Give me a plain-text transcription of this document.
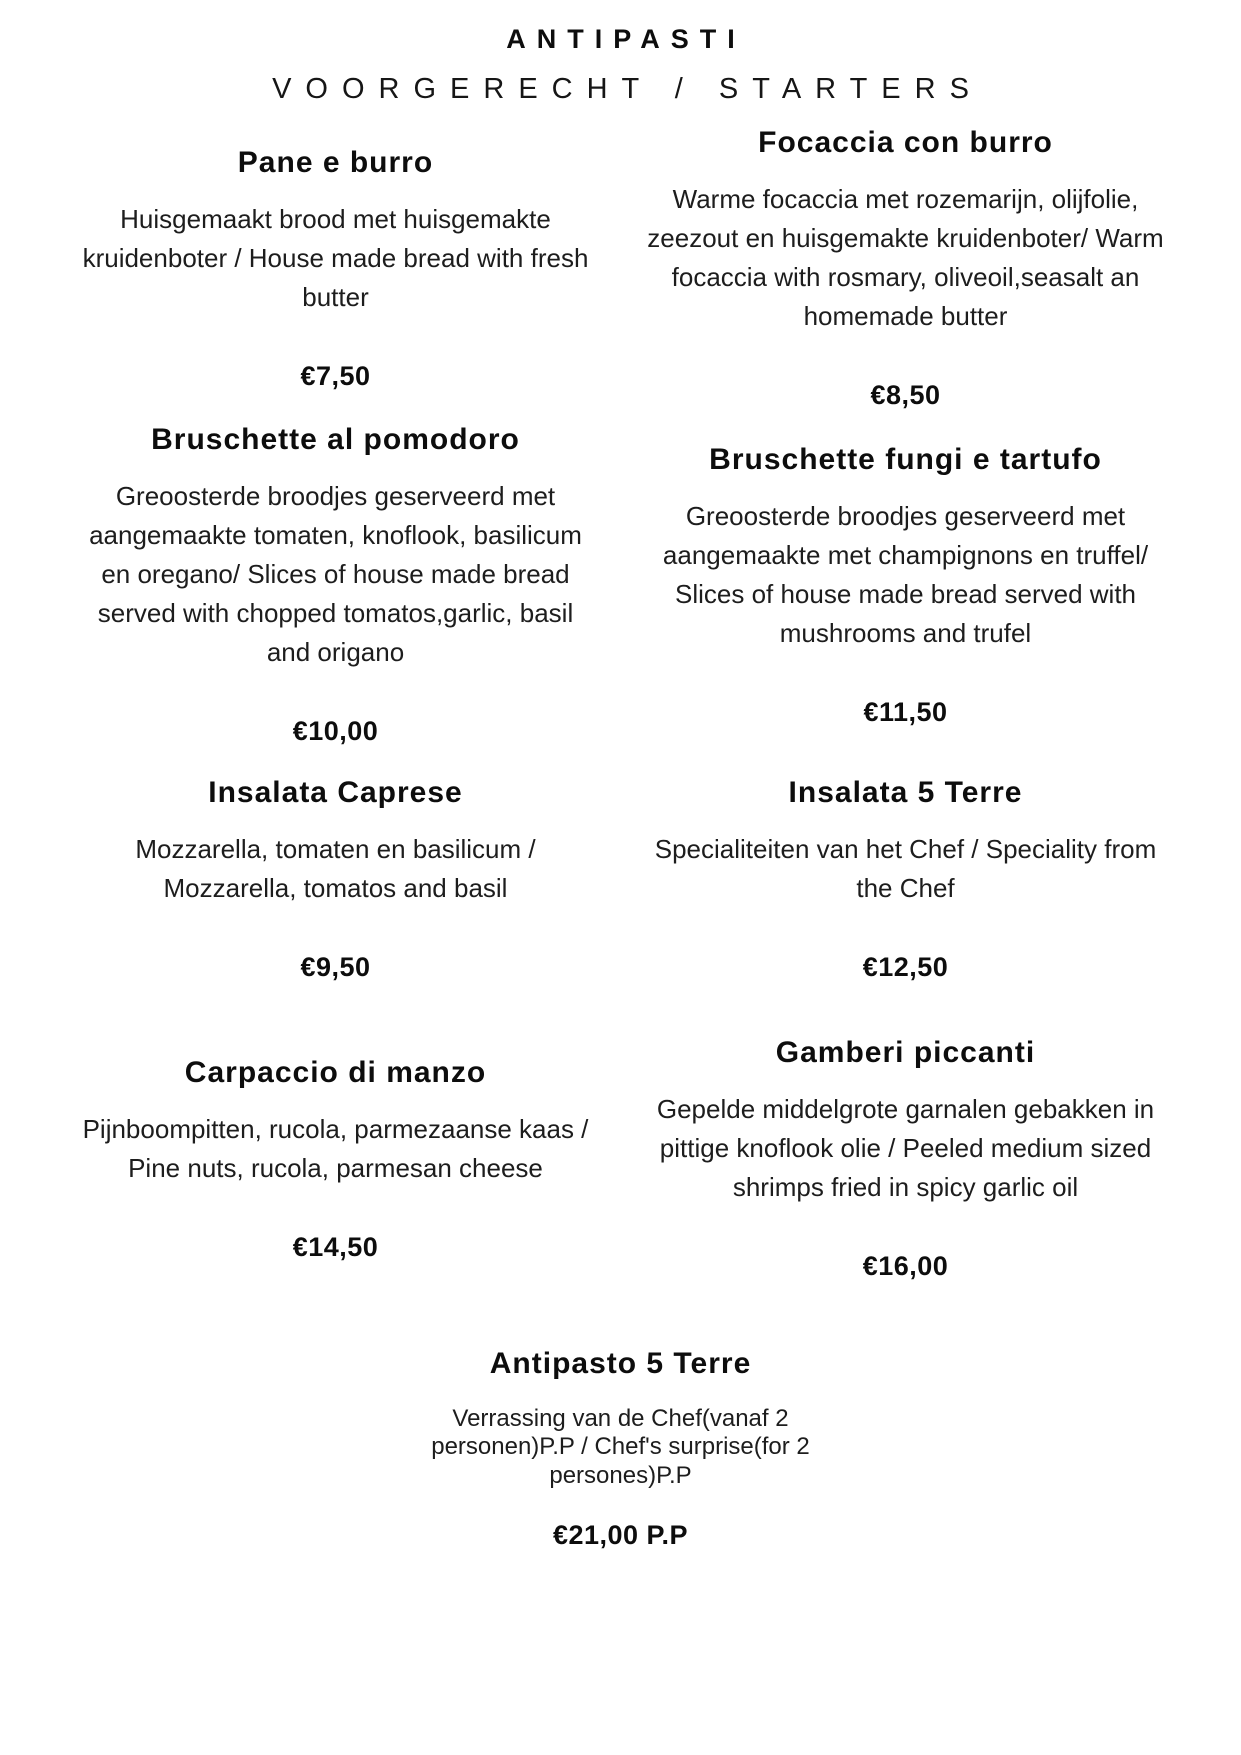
ANTIPASTI
VOORGERECHT / STARTERS
Pane e burro

Huisgemaakt brood met huisgemakte kruidenboter / House made bread with fresh butter

€7,50
Focaccia con burro

Warme focaccia met rozemarijn, olijfolie, zeezout en huisgemakte kruidenboter/ Warm focaccia with rosmary, oliveoil,seasalt an homemade butter

€8,50
Bruschette al pomodoro

Greoosterde broodjes geserveerd met aangemaakte tomaten, knoflook, basilicum en oregano/ Slices of house made bread served with chopped tomatos,garlic, basil and origano

€10,00
Bruschette fungi e tartufo

Greoosterde broodjes geserveerd met aangemaakte met champignons en truffel/ Slices of house made bread served with mushrooms and trufel

€11,50
Insalata Caprese

Mozzarella, tomaten en basilicum / Mozzarella, tomatos and basil

€9,50
Insalata 5 Terre

Specialiteiten van het Chef / Speciality from the Chef

€12,50
Carpaccio di manzo

Pijnboompitten, rucola, parmezaanse kaas / Pine nuts, rucola, parmesan cheese

€14,50
Gamberi piccanti

Gepelde middelgrote garnalen gebakken in pittige knoflook olie / Peeled medium sized shrimps fried in spicy garlic oil

€16,00
Antipasto 5 Terre

Verrassing van de Chef(vanaf 2 personen)P.P / Chef's surprise(for 2 persones)P.P

€21,00 P.P
